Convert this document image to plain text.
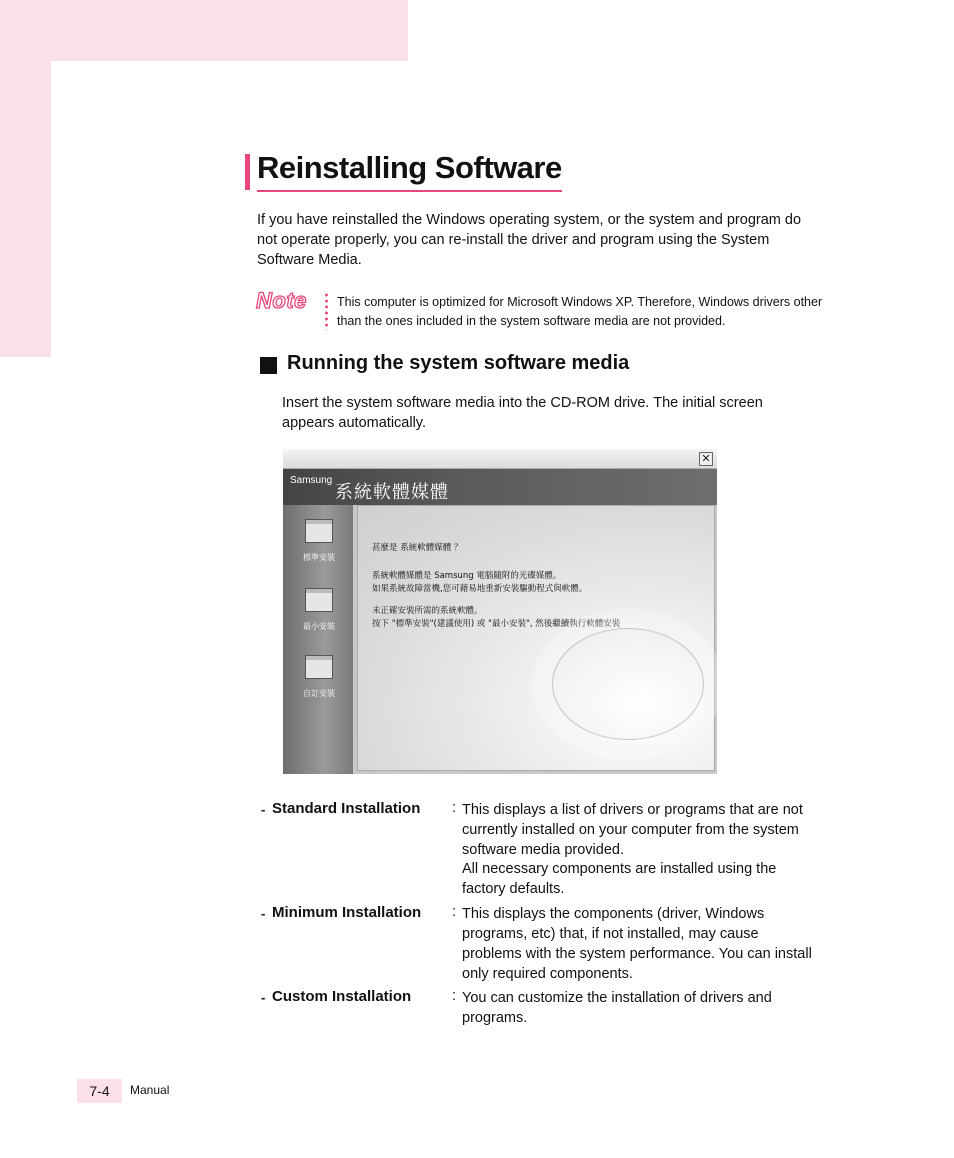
Reinstalling Software

If you have reinstalled the Windows operating system, or the system and program do not operate properly, you can re-install the driver and program using the System Software Media.

Note This computer is optimized for Microsoft Windows XP. Therefore, Windows drivers other than the ones included in the system software media are not provided.

Running the system software media

Insert the system software media into the CD-ROM drive. The initial screen appears automatically.

✕
Samsung
系統軟體媒體
標準安裝
最小安裝
自訂安裝
甚麼是 系統軟體媒體 ？
系統軟體媒體是 Samsung 電腦隨附的光碟媒體。
如果系統故障當機,您可藉易地重新安裝驅動程式與軟體。
未正確安裝所需的系統軟體。
按下 "標準安裝"(建議使用) 或 "最小安裝", 然後繼續執行軟體安裝
- Standard Installation : This displays a list of drivers or programs that are not currently installed on your computer from the system software media provided.

All necessary components are installed using the factory defaults.

- Minimum Installation : This displays the components (driver, Windows programs, etc) that, if not installed, may cause problems with the system performance. You can install only required components.

- Custom Installation	: You can customize the installation of drivers and programs.

7-4	Manual
